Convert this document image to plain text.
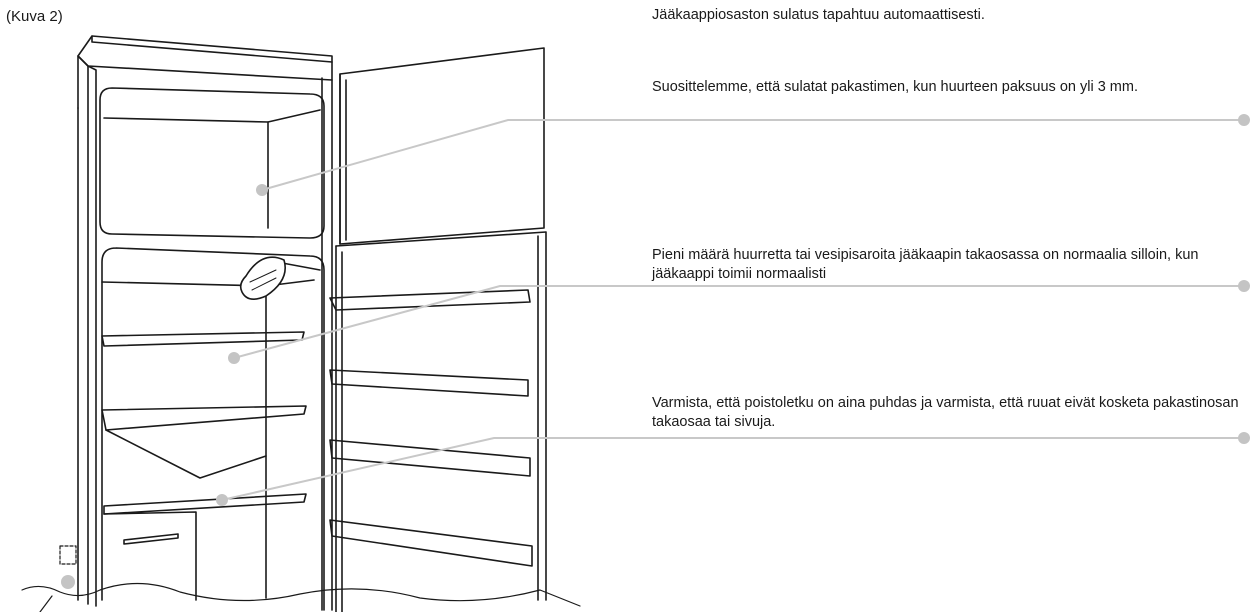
(Kuva 2)	Jääkaappiosaston sulatus tapahtuu automaattisesti.
Suosittelemme, että sulatat pakastimen, kun huurteen paksuus on yli 3 mm.
Pieni määrä huurretta tai vesipisaroita jääkaapin takaosassa on normaalia silloin, kun jääkaappi toimii normaalisti
Varmista, että poistoletku on aina puhdas ja varmista, että ruuat eivät kosketa pakastinosan takaosaa tai sivuja.
